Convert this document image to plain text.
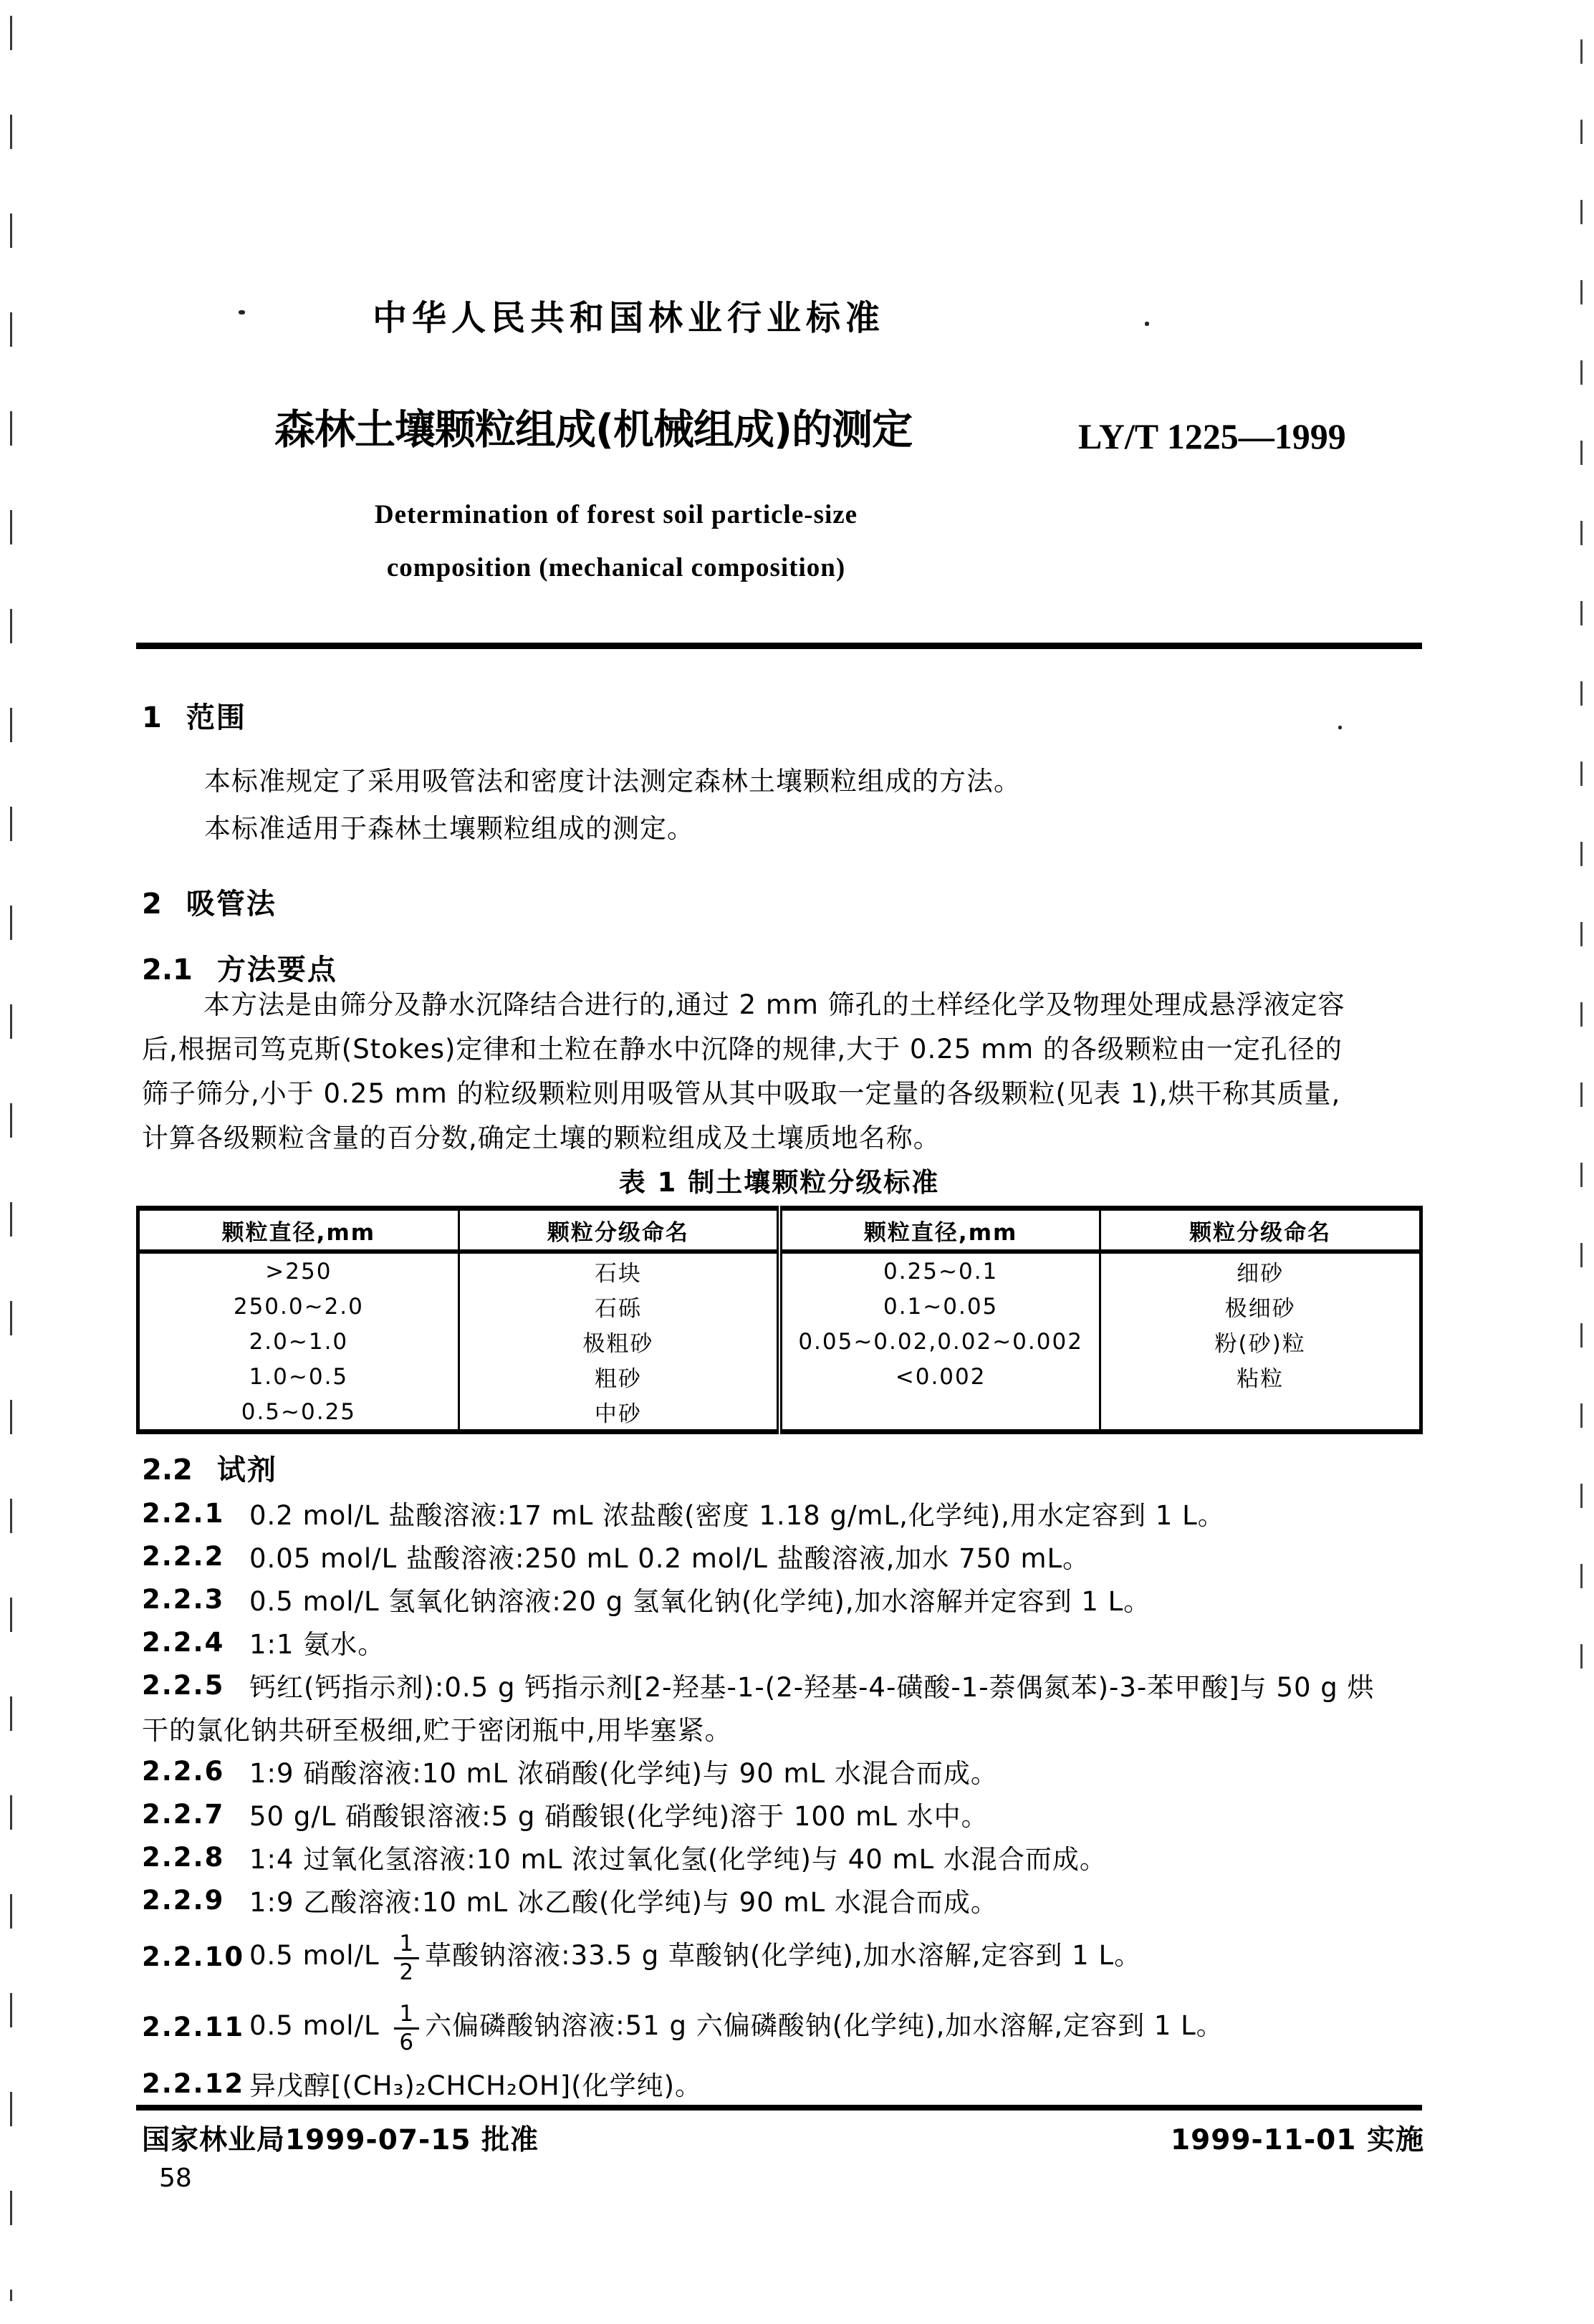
中华人民共和国林业行业标准
森林土壤颗粒组成(机械组成)的测定	LY/T 1225—1999
Determination of forest soil particle-size
composition (mechanical composition)
1 范围
本标准规定了采用吸管法和密度计法测定森林土壤颗粒组成的方法。
本标准适用于森林土壤颗粒组成的测定。
2 吸管法
2.1 方法要点
本方法是由筛分及静水沉降结合进行的,通过 2 mm 筛孔的土样经化学及物理处理成悬浮液定容
后,根据司笃克斯(Stokes)定律和土粒在静水中沉降的规律,大于 0.25 mm 的各级颗粒由一定孔径的
筛子筛分,小于 0.25 mm 的粒级颗粒则用吸管从其中吸取一定量的各级颗粒(见表 1),烘干称其质量,
计算各级颗粒含量的百分数,确定土壤的颗粒组成及土壤质地名称。
表 1 制土壤颗粒分级标准
颗粒直径,mm	颗粒分级命名	颗粒直径,mm	颗粒分级命名
>250	石块	0.25~0.1	细砂
250.0~2.0	石砾	0.1~0.05	极细砂
2.0~1.0	极粗砂	0.05~0.02,0.02~0.002	粉(砂)粒
1.0~0.5	粗砂	<0.002	粘粒
0.5~0.25	中砂		
2.2 试剂
2.2.1 0.2 mol/L 盐酸溶液:17 mL 浓盐酸(密度 1.18 g/mL,化学纯),用水定容到 1 L。
2.2.2 0.05 mol/L 盐酸溶液:250 mL 0.2 mol/L 盐酸溶液,加水 750 mL。
2.2.3 0.5 mol/L 氢氧化钠溶液:20 g 氢氧化钠(化学纯),加水溶解并定容到 1 L。
2.2.4 1:1 氨水。
2.2.5 钙红(钙指示剂):0.5 g 钙指示剂[2-羟基-1-(2-羟基-4-磺酸-1-萘偶氮苯)-3-苯甲酸]与 50 g 烘
干的氯化钠共研至极细,贮于密闭瓶中,用毕塞紧。
2.2.6 1:9 硝酸溶液:10 mL 浓硝酸(化学纯)与 90 mL 水混合而成。
2.2.7 50 g/L 硝酸银溶液:5 g 硝酸银(化学纯)溶于 100 mL 水中。
2.2.8 1:4 过氧化氢溶液:10 mL 浓过氧化氢(化学纯)与 40 mL 水混合而成。
2.2.9 1:9 乙酸溶液:10 mL 冰乙酸(化学纯)与 90 mL 水混合而成。
2.2.10 0.5 $mol/L \frac{1}{2}$ 草酸钠溶液:33.5 g 草酸钠(化学纯),加水溶解,定容到 1 L。
2.2.11 0.5 $mol/L \frac{1}{6}$ 六偏磷酸钠溶液:51 g 六偏磷酸钠(化学纯),加水溶解,定容到 1 L。
2.2.12 异戊醇[(CH₃)₂CHCH₂OH](化学纯)。
国家林业局1999-07-15 批准	1999-11-01 实施
58
